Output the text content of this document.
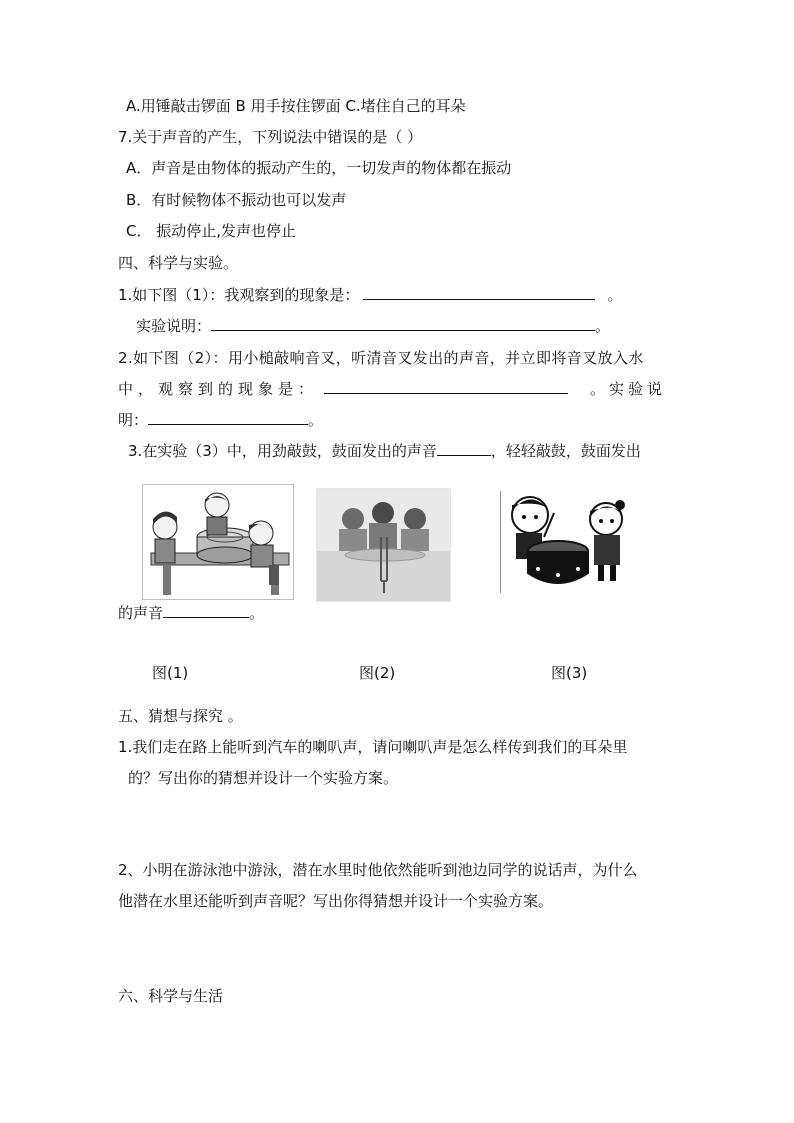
A.用锤敲击锣面 B 用手按住锣面 C.堵住自己的耳朵
7.关于声音的产生，下列说法中错误的是（ ）
A．声音是由物体的振动产生的，一切发声的物体都在振动
B．有时候物体不振动也可以发声
C． 振动停止,发声也停止
四、科学与实验。
1.如下图（1）：我观察到的现象是：	。
实验说明：	。
2.如下图（2）：用小槌敲响音叉，听清音叉发出的声音，并立即将音叉放入水
中，观察到的现象是：	。实验说
明：	。
3.在实验（3）中，用劲敲鼓，鼓面发出的声音	，轻轻敲鼓，鼓面发出
的声音	。
图(1)	图(2)	图(3)
五、猜想与探究 。
1.我们走在路上能听到汽车的喇叭声，请问喇叭声是怎么样传到我们的耳朵里
的？写出你的猜想并设计一个实验方案。
2、小明在游泳池中游泳，潜在水里时他依然能听到池边同学的说话声，为什么
他潜在水里还能听到声音呢？写出你得猜想并设计一个实验方案。
六、科学与生活
